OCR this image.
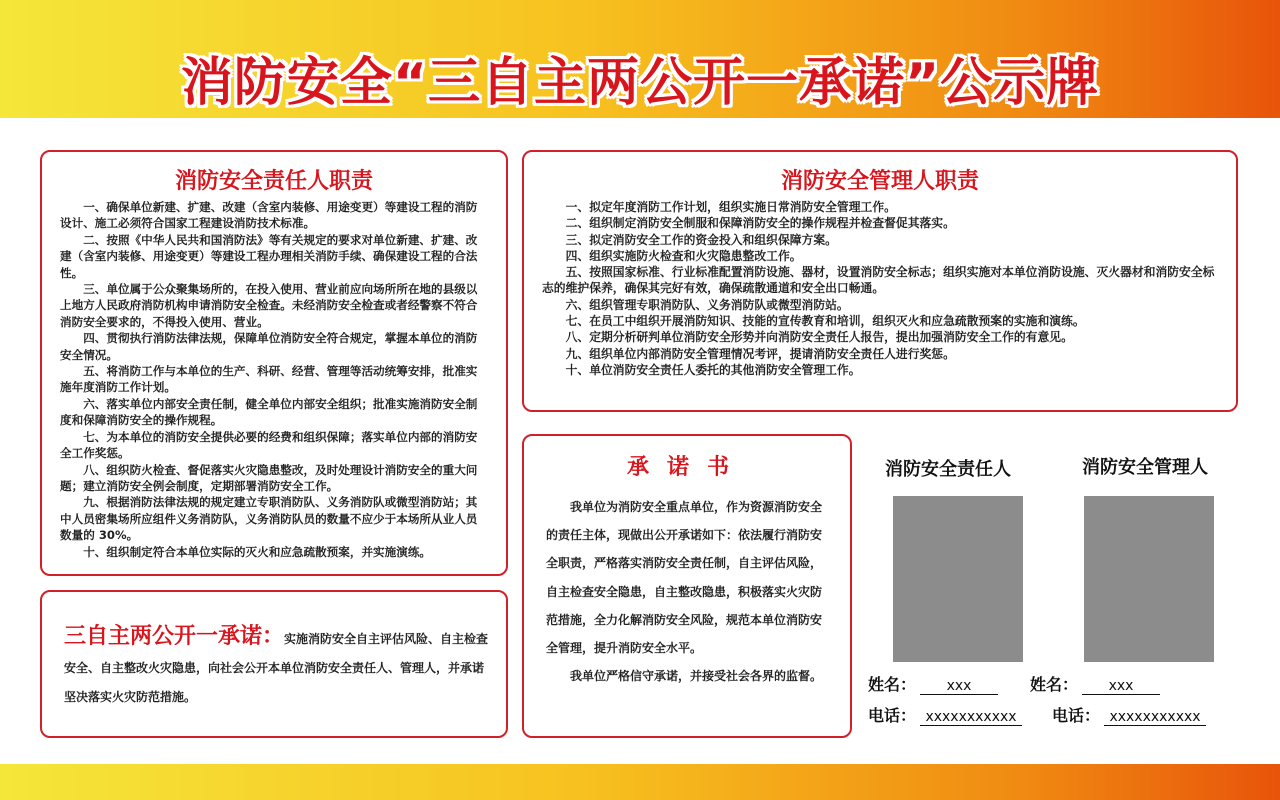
消防安全“三自主两公开一承诺”公示牌
消防安全责任人职责

一、确保单位新建、扩建、改建（含室内装修、用途变更）等建设工程的消防设计、施工必须符合国家工程建设消防技术标准。

二、按照《中华人民共和国消防法》等有关规定的要求对单位新建、扩建、改建（含室内装修、用途变更）等建设工程办理相关消防手续、确保建设工程的合法性。

三、单位属于公众聚集场所的，在投入使用、营业前应向场所所在地的县级以上地方人民政府消防机构申请消防安全检查。未经消防安全检查或者经警察不符合消防安全要求的，不得投入使用、营业。

四、贯彻执行消防法律法规，保障单位消防安全符合规定，掌握本单位的消防安全情况。

五、将消防工作与本单位的生产、科研、经营、管理等活动统筹安排，批准实施年度消防工作计划。

六、落实单位内部安全责任制，健全单位内部安全组织；批准实施消防安全制度和保障消防安全的操作规程。

七、为本单位的消防安全提供必要的经费和组织保障；落实单位内部的消防安全工作奖惩。

八、组织防火检查、督促落实火灾隐患整改，及时处理设计消防安全的重大问题；建立消防安全例会制度，定期部署消防安全工作。

九、根据消防法律法规的规定建立专职消防队、义务消防队或微型消防站；其中人员密集场所应组件义务消防队，义务消防队员的数量不应少于本场所从业人员数量的 30%。

十、组织制定符合本单位实际的灭火和应急疏散预案，并实施演练。

消防安全管理人职责

一、拟定年度消防工作计划，组织实施日常消防安全管理工作。

二、组织制定消防安全制服和保障消防安全的操作规程并检查督促其落实。

三、拟定消防安全工作的资金投入和组织保障方案。

四、组织实施防火检查和火灾隐患整改工作。

五、按照国家标准、行业标准配置消防设施、器材，设置消防安全标志；组织实施对本单位消防设施、灭火器材和消防安全标志的维护保养，确保其完好有效，确保疏散通道和安全出口畅通。

六、组织管理专职消防队、义务消防队或微型消防站。

七、在员工中组织开展消防知识、技能的宣传教育和培训，组织灭火和应急疏散预案的实施和演练。

八、定期分析研判单位消防安全形势并向消防安全责任人报告，提出加强消防安全工作的有意见。

九、组织单位内部消防安全管理情况考评，提请消防安全责任人进行奖惩。

十、单位消防安全责任人委托的其他消防安全管理工作。

三自主两公开一承诺：实施消防安全自主评估风险、自主检查安全、自主整改火灾隐患，向社会公开本单位消防安全责任人、管理人，并承诺坚决落实火灾防范措施。
承诺书

我单位为消防安全重点单位，作为资源消防安全的责任主体，现做出公开承诺如下：依法履行消防安全职责，严格落实消防安全责任制，自主评估风险，自主检查安全隐患，自主整改隐患，积极落实火灾防范措施，全力化解消防安全风险，规范本单位消防安全管理，提升消防安全水平。

我单位严格信守承诺，并接受社会各界的监督。

消防安全责任人	消防安全管理人
姓名： xxx	姓名： xxx
电话： xxxxxxxxxxx	电话： xxxxxxxxxxx
